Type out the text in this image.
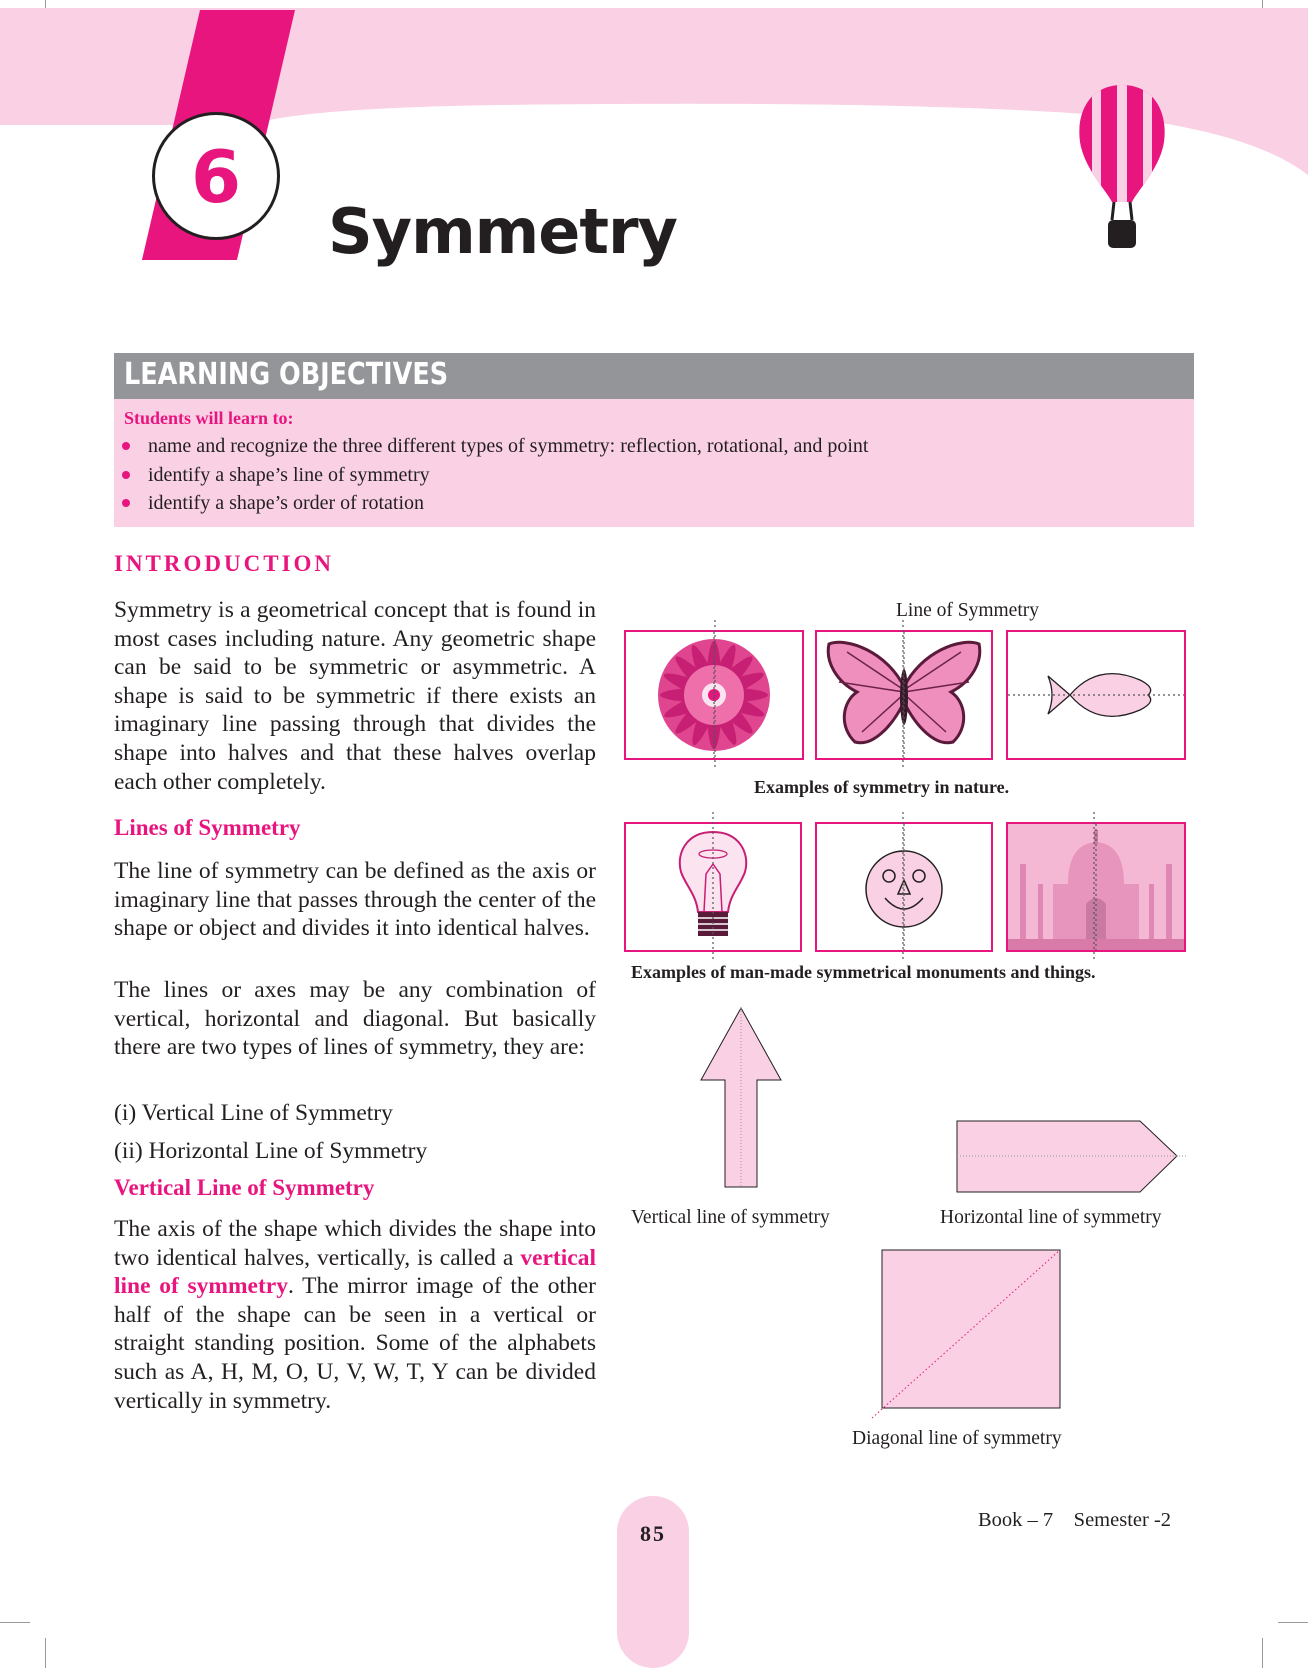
6
Symmetry
LEARNING OBJECTIVES
Students will learn to:
name and recognize the three different types of symmetry: reflection, rotational, and point
identify a shape’s line of symmetry
identify a shape’s order of rotation
INTRODUCTION
Symmetry is a geometrical concept that is found in most cases including nature. Any geometric shape can be said to be symmetric or asymmetric. A shape is said to be symmetric if there exists an imaginary line passing through that divides the shape into halves and that these halves overlap each other completely.
Lines of Symmetry
The line of symmetry can be defined as the axis or imaginary line that passes through the center of the shape or object and divides it into identical halves.
The lines or axes may be any combination of vertical, horizontal and diagonal. But basically there are two types of lines of symmetry, they are:
(i) Vertical Line of Symmetry
(ii) Horizontal Line of Symmetry
Vertical Line of Symmetry
The axis of the shape which divides the shape into two identical halves, vertically, is called a vertical line of symmetry. The mirror image of the other half of the shape can be seen in a vertical or straight standing position. Some of the alphabets such as A, H, M, O, U, V, W, T, Y can be divided vertically in symmetry.
Line of Symmetry
Examples of symmetry in nature.
Examples of man-made symmetrical monuments and things.
Vertical line of symmetry	Horizontal line of symmetry
Diagonal line of symmetry
85
Book – 7    Semester -2
